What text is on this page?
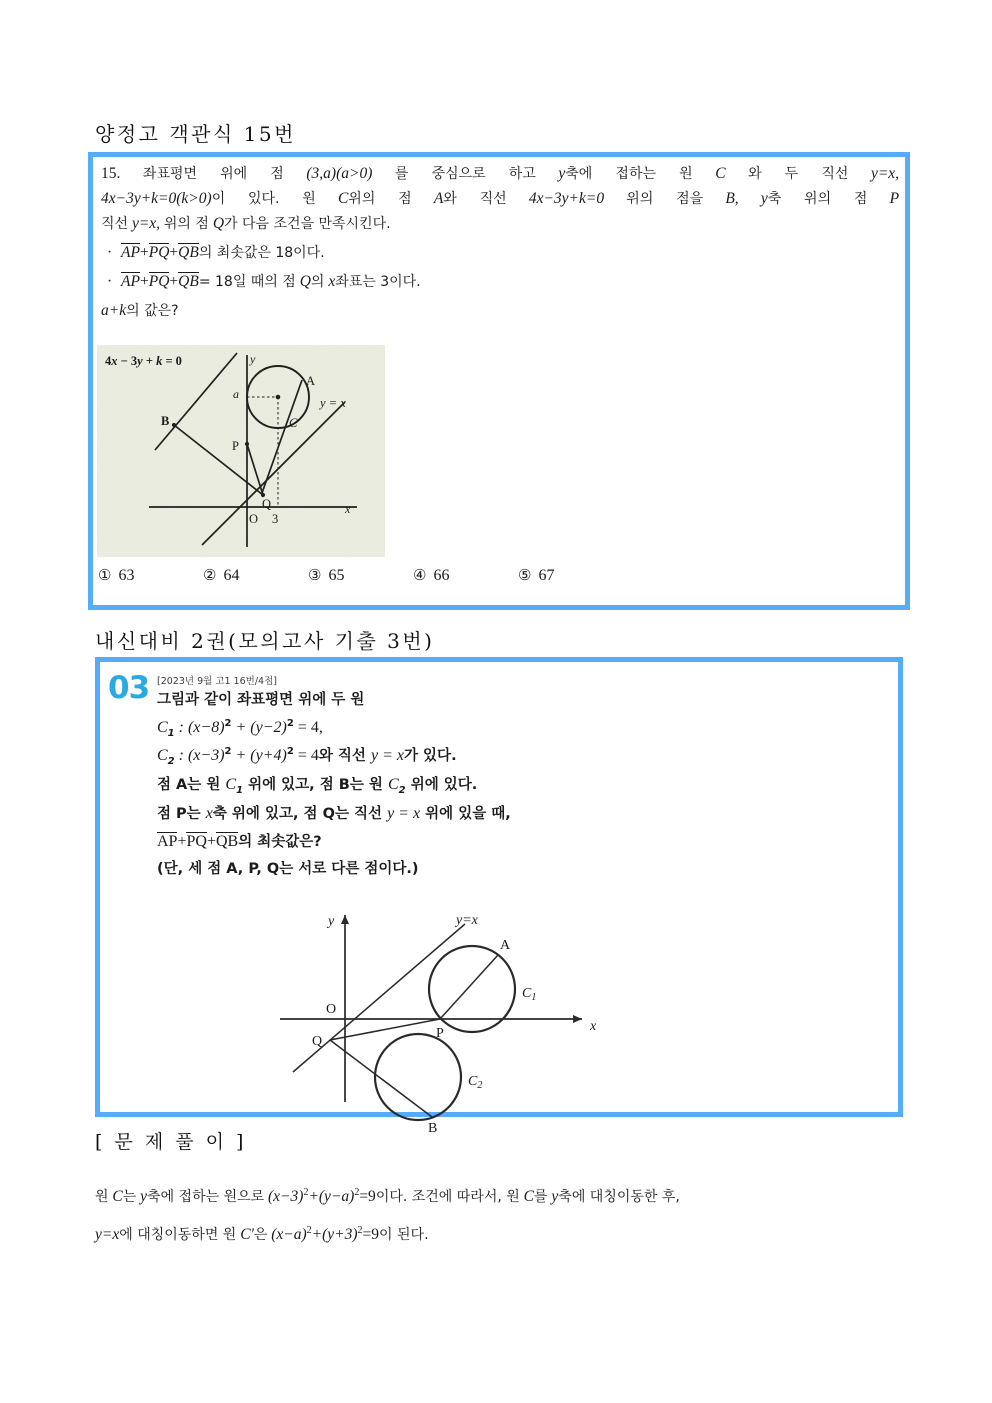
양정고 객관식 15번
15. 좌표평면 위에 점 (3,a)(a>0) 를 중심으로 하고 y축에 접하는 원 C 와 두 직선 y=x,
4x−3y+k=0(k>0)이 있다. 원 C위의 점 A와 직선 4x−3y+k=0 위의 점을 B, y축 위의 점 P
직선 y=x, 위의 점 Q가 다음 조건을 만족시킨다.
· AP+PQ+QB의 최솟값은 18이다.
· AP+PQ+QB= 18일 때의 점 Q의 x좌표는 3이다.
a+k의 값은?
4x − 3y + k = 0	y
x
y = x
A
B	C
P
Q
a
O 3
① 63	② 64	③ 65	④ 66	⑤ 67
내신대비 2권(모의고사 기출 3번)
03 [2023년 9월 고1 16번/4점]
그림과 같이 좌표평면 위에 두 원
$C_1$ : $(x-8)^2 + (y-2)^2 = 4$,
$C_2$ : $(x-3)^2 + (y+4)^2 = 4$와 직선 y = x가 있다.
점 A는 원 $C_1$ 위에 있고, 점 B는 원 $C_2$ 위에 있다.
점 P는 x축 위에 있고, 점 Q는 직선 y = x 위에 있을 때,
AP+PQ+QB의 최솟값은?
(단, 세 점 A, P, Q는 서로 다른 점이다.)
y
x
y=x
O
P
Q
A
B
$C_1$
$C_2$
[ 문 제 풀 이 ]
원 C는 y축에 접하는 원으로 $(x-3)^2+(y-a)^2=9$이다. 조건에 따라서, 원 C를 y축에 대칭이동한 후,
y=x에 대칭이동하면 원 C'은 $(x-a)^2+(y+3)^2=9$이 된다.
